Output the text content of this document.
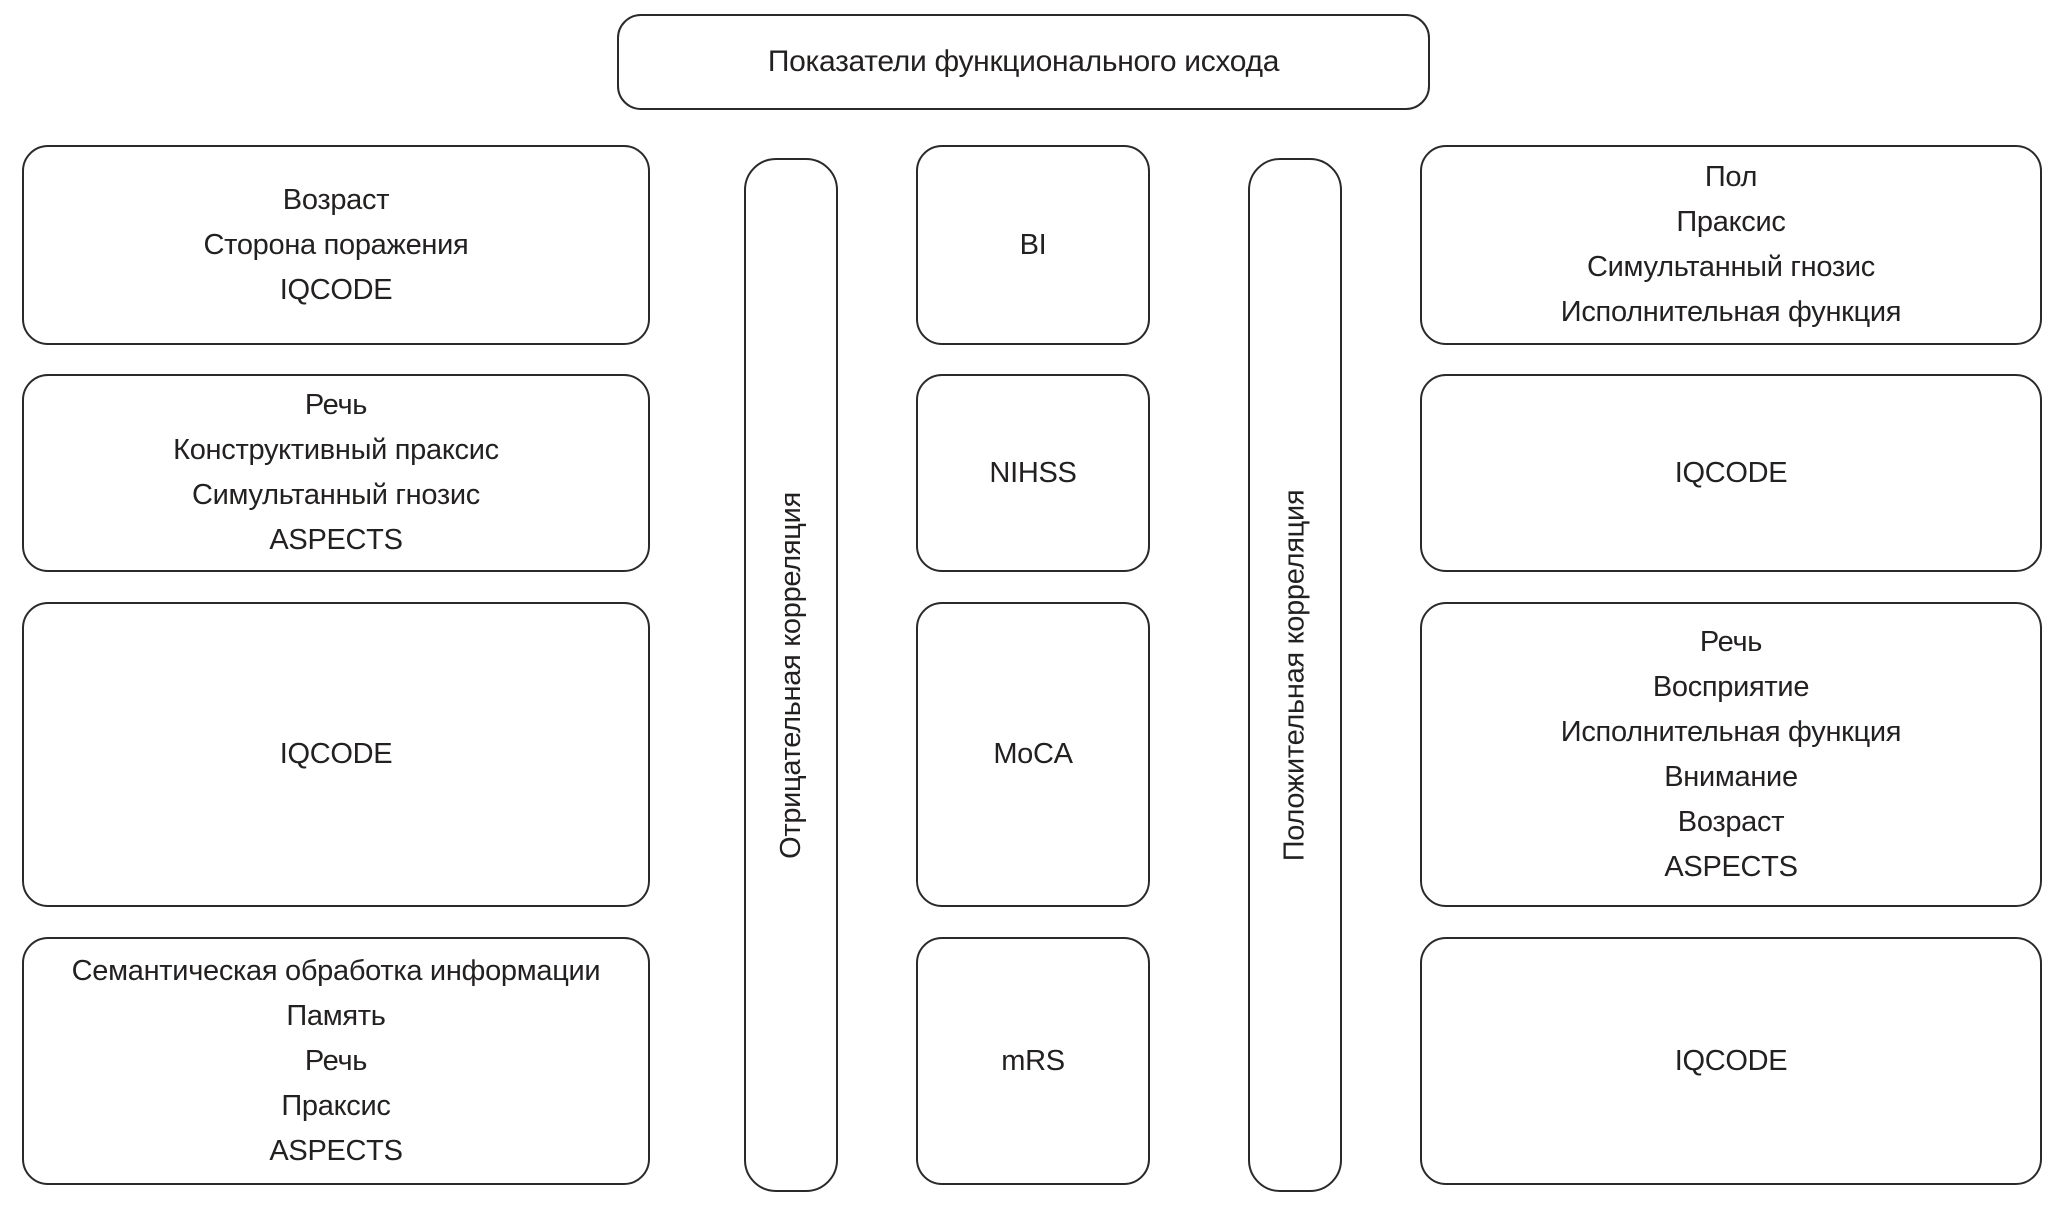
Показатели функционального исхода
Возраст
Сторона поражения
IQCODE
Речь
Конструктивный праксис
Симультанный гнозис
ASPECTS
IQCODE
Семантическая обработка информации
Память
Речь
Праксис
ASPECTS
Отрицательная корреляция
BI
NIHSS
MoCA
mRS
Положительная корреляция
Пол
Праксис
Симультанный гнозис
Исполнительная функция
IQCODE
Речь
Восприятие
Исполнительная функция
Внимание
Возраст
ASPECTS
IQCODE
